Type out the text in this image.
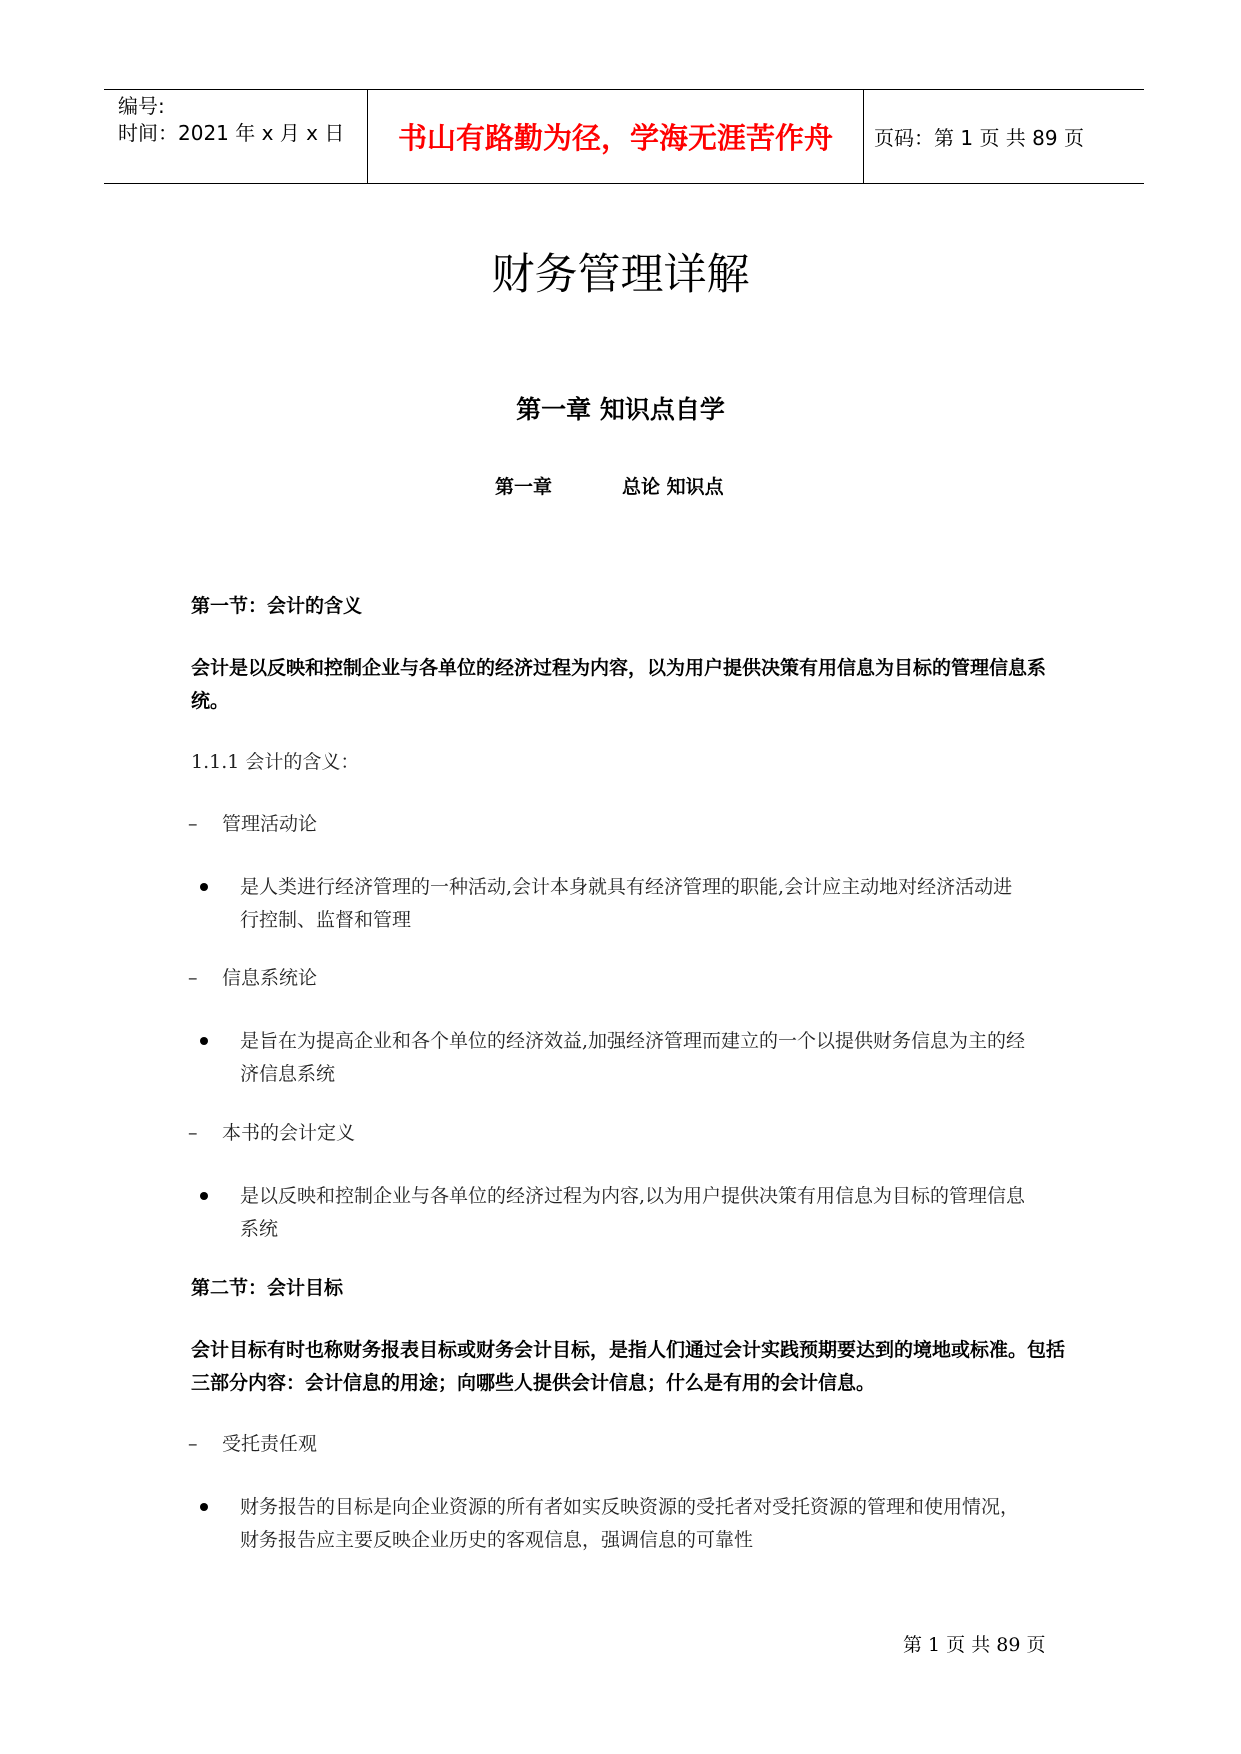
编号:
时间：2021 年 x 月 x 日	书山有路勤为径，学海无涯苦作舟	页码：第 1 页 共 89 页
财务管理详解
第一章 知识点自学
第一章	总论 知识点
第一节：会计的含义
会计是以反映和控制企业与各单位的经济过程为内容，以为用户提供决策有用信息为目标的管理信息系统。
1.1.1 会计的含义：
– 管理活动论
是人类进行经济管理的一种活动,会计本身就具有经济管理的职能,会计应主动地对经济活动进行控制、监督和管理
– 信息系统论
是旨在为提高企业和各个单位的经济效益,加强经济管理而建立的一个以提供财务信息为主的经济信息系统
– 本书的会计定义
是以反映和控制企业与各单位的经济过程为内容,以为用户提供决策有用信息为目标的管理信息系统
第二节：会计目标
会计目标有时也称财务报表目标或财务会计目标，是指人们通过会计实践预期要达到的境地或标准。包括三部分内容：会计信息的用途；向哪些人提供会计信息；什么是有用的会计信息。
– 受托责任观
财务报告的目标是向企业资源的所有者如实反映资源的受托者对受托资源的管理和使用情况，财务报告应主要反映企业历史的客观信息，强调信息的可靠性
第 1 页 共 89 页
